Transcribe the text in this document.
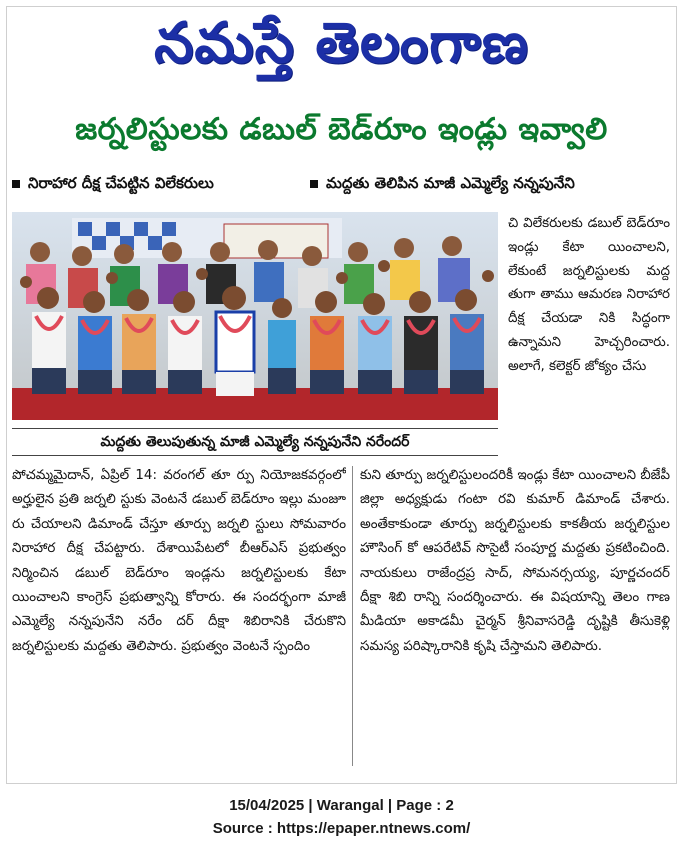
నమస్తే తెలంగాణ
జర్నలిస్టులకు డబుల్ బెడ్‌రూం ఇండ్లు ఇవ్వాలి
నిరాహార దీక్ష చేపట్టిన విలేకరులు	మద్దతు తెలిపిన మాజీ ఎమ్మెల్యే నన్నపునేని
మద్దతు తెలుపుతున్న మాజీ ఎమ్మెల్యే నన్నపునేని నరేందర్
చి విలేకరులకు డబుల్ బెడ్‌రూం ఇండ్లు కేటా యించాలని, లేకుంటే జర్నలిస్టులకు మద్ద తుగా తాము ఆమరణ నిరాహార దీక్ష చేయడా నికి సిద్ధంగా ఉన్నామని హెచ్చరించారు. అలాగే, కలెక్టర్ జోక్యం చేసు
పోచమ్మమైదాన్, ఏప్రిల్ 14: వరంగల్ తూ ర్పు నియోజకవర్గంలో అర్హులైన ప్రతి జర్నలి స్టుకు వెంటనే డబుల్ బెడ్‌రూం ఇల్లు మంజూ రు చేయాలని డిమాండ్ చేస్తూ తూర్పు జర్నలి స్టులు సోమవారం నిరాహార దీక్ష చేపట్టారు. దేశాయిపేటలో బీఆర్‌ఎస్ ప్రభుత్వం నిర్మించిన డబుల్ బెడ్‌రూం ఇండ్లను జర్నలిస్టులకు కేటా యించాలని కాంగ్రెస్ ప్రభుత్వాన్ని కోరారు. ఈ సందర్భంగా మాజీ ఎమ్మెల్యే నన్నపునేని నరేం దర్ దీక్షా శిబిరానికి చేరుకొని జర్నలిస్టులకు మద్దతు తెలిపారు. ప్రభుత్వం వెంటనే స్పందిం
కుని తూర్పు జర్నలిస్టులందరికీ ఇండ్లు కేటా యించాలని బీజేపీ జిల్లా అధ్యక్షుడు గంటా రవి కుమార్ డిమాండ్ చేశారు. అంతేకాకుండా తూర్పు జర్నలిస్టులకు కాకతీయ జర్నలిస్టుల హౌసింగ్ కో ఆపరేటివ్ సొసైటీ సంపూర్ణ మద్దతు ప్రకటించింది. నాయకులు రాజేంద్రప్ర సాద్, సోమనర్సయ్య, పూర్ణచందర్ దీక్షా శిబి రాన్ని సందర్శించారు. ఈ విషయాన్ని తెలం గాణ మీడియా అకాడమీ చైర్మన్ శ్రీనివాసరెడ్డి దృష్టికి తీసుకెళ్లి సమస్య పరిష్కారానికి కృషి చేస్తామని తెలిపారు.
15/04/2025 | Warangal | Page : 2
Source : https://epaper.ntnews.com/
